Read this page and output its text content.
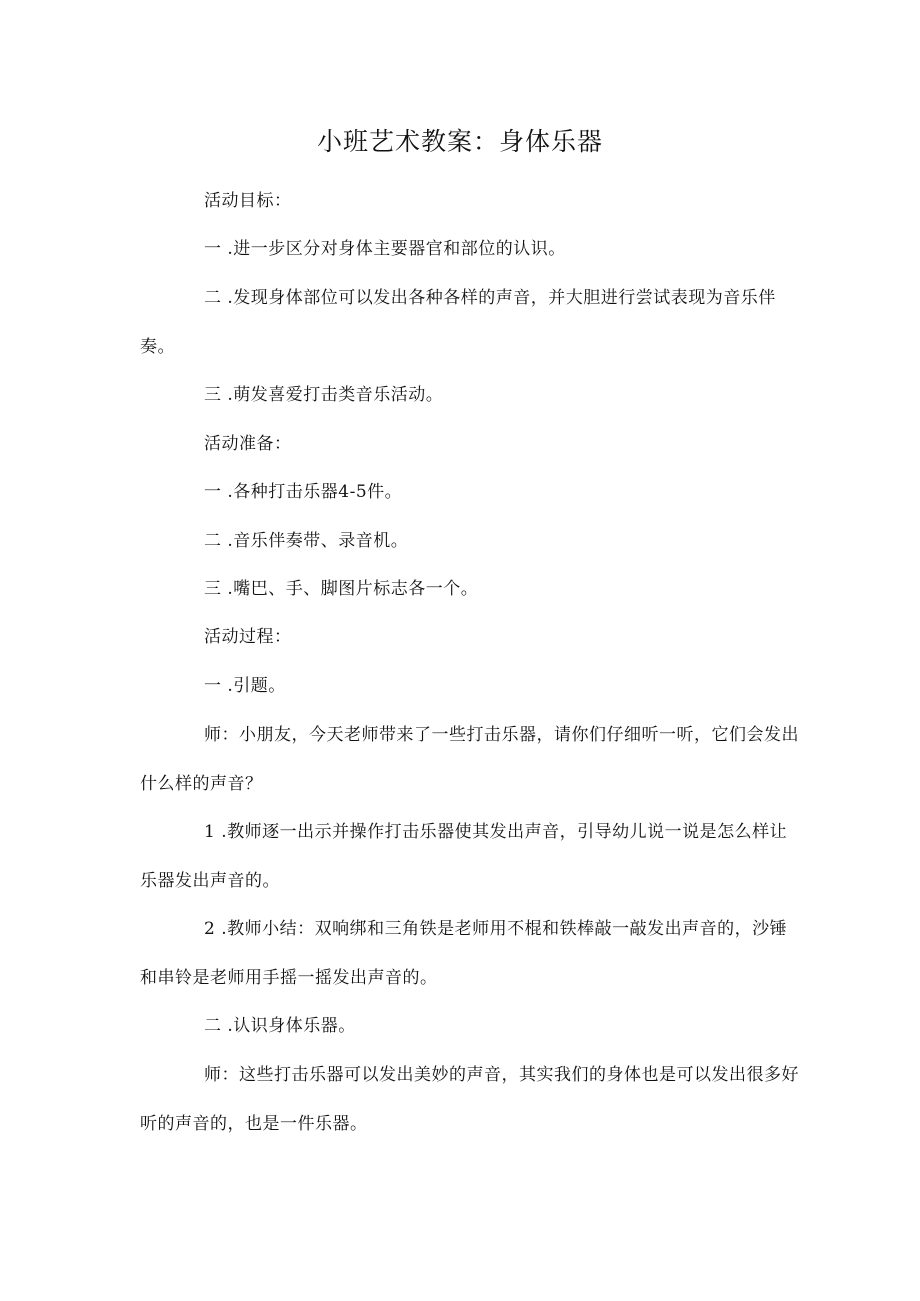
小班艺术教案：身体乐器

活动目标：

一 .进一步区分对身体主要器官和部位的认识。

二 .发现身体部位可以发出各种各样的声音，并大胆进行尝试表现为音乐伴奏。

三 .萌发喜爱打击类音乐活动。

活动准备：

一 .各种打击乐器4-5件。

二 .音乐伴奏带、录音机。

三 .嘴巴、手、脚图片标志各一个。

活动过程：

一 .引题。

师：小朋友，今天老师带来了一些打击乐器，请你们仔细听一听，它们会发出什么样的声音？

1 .教师逐一出示并操作打击乐器使其发出声音，引导幼儿说一说是怎么样让乐器发出声音的。

2 .教师小结：双响绑和三角铁是老师用不棍和铁棒敲一敲发出声音的，沙锤和串铃是老师用手摇一摇发出声音的。

二 .认识身体乐器。

师：这些打击乐器可以发出美妙的声音，其实我们的身体也是可以发出很多好听的声音的，也是一件乐器。
